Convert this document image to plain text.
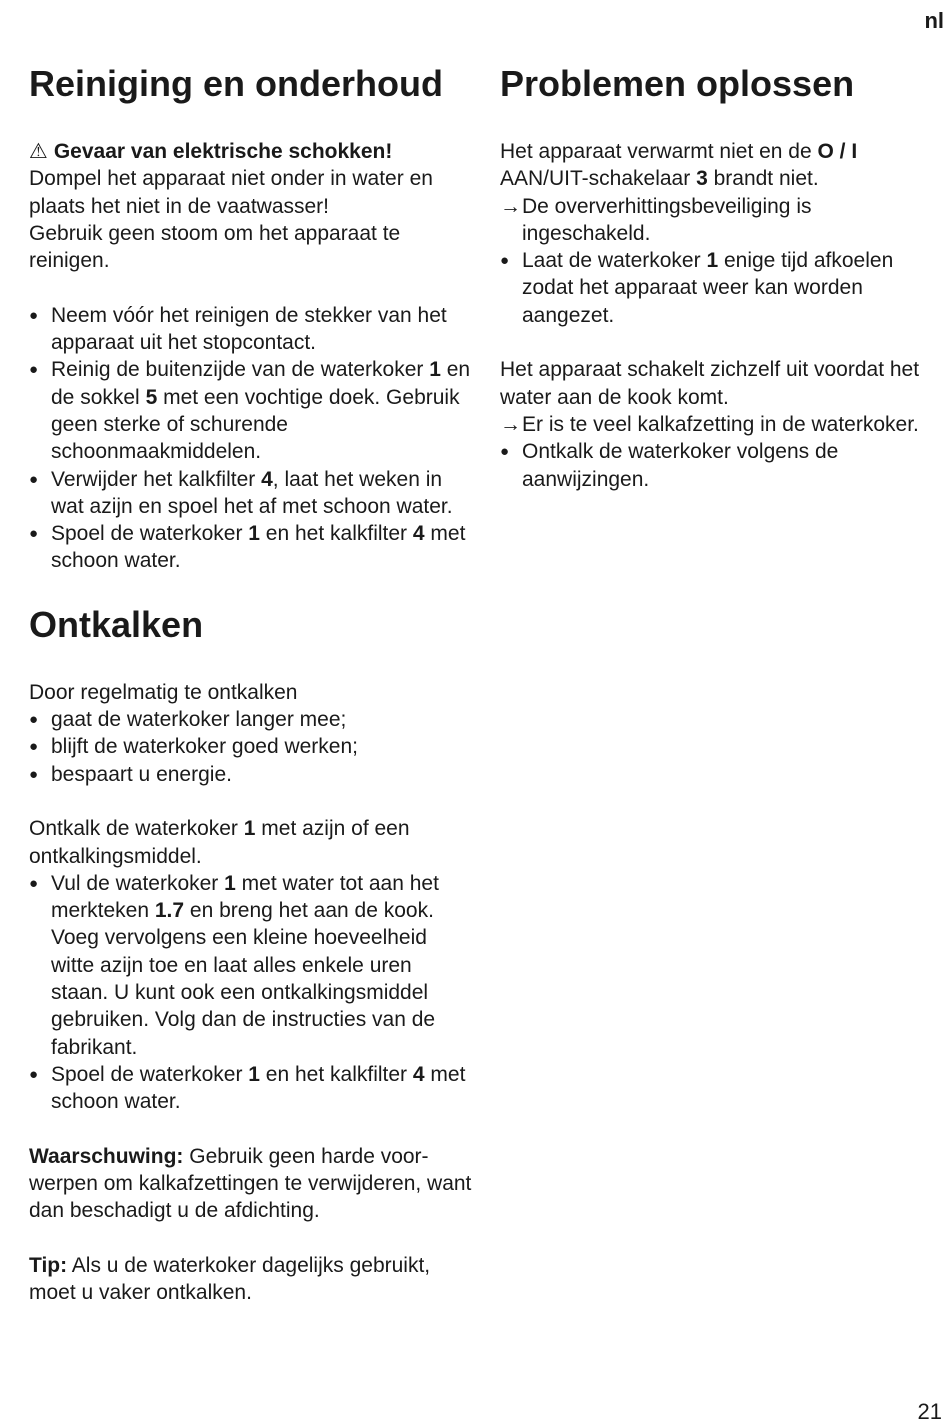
nl
Reiniging en onderhoud

⚠ Gevaar van elektrische schokken!
Dompel het apparaat niet onder in water en plaats het niet in de vaatwasser!
Gebruik geen stoom om het apparaat te reinigen.

● Neem vóór het reinigen de stekker van het apparaat uit het stopcontact.
● Reinig de buitenzijde van de waterkoker 1 en de sokkel 5 met een vochtige doek. Gebruik geen sterke of schurende schoonmaakmiddelen.
● Verwijder het kalkfilter 4, laat het weken in wat azijn en spoel het af met schoon water.
● Spoel de waterkoker 1 en het kalkfilter 4 met schoon water.
Ontkalken

Door regelmatig te ontkalken

● gaat de waterkoker langer mee;
● blijft de waterkoker goed werken;
● bespaart u energie.

Ontkalk de waterkoker 1 met azijn of een ontkalkingsmiddel.

● Vul de waterkoker 1 met water tot aan het merkteken 1.7 en breng het aan de kook. Voeg vervolgens een kleine hoeveelheid witte azijn toe en laat alles enkele uren staan. U kunt ook een ontkalkingsmiddel gebruiken. Volg dan de instructies van de fabrikant.
● Spoel de waterkoker 1 en het kalkfilter 4 met schoon water.

Waarschuwing: Gebruik geen harde voor-werpen om kalkafzettingen te verwijderen, want dan beschadigt u de afdichting.

Tip: Als u de waterkoker dagelijks gebruikt, moet u vaker ontkalken.

Problemen oplossen

Het apparaat verwarmt niet en de O / I AAN/UIT-schakelaar 3 brandt niet.

→ De oververhittingsbeveiliging is ingeschakeld.
● Laat de waterkoker 1 enige tijd afkoelen zodat het apparaat weer kan worden aangezet.

Het apparaat schakelt zichzelf uit voordat het water aan de kook komt.

→ Er is te veel kalkafzetting in de waterkoker.
● Ontkalk de waterkoker volgens de aanwijzingen.
21
